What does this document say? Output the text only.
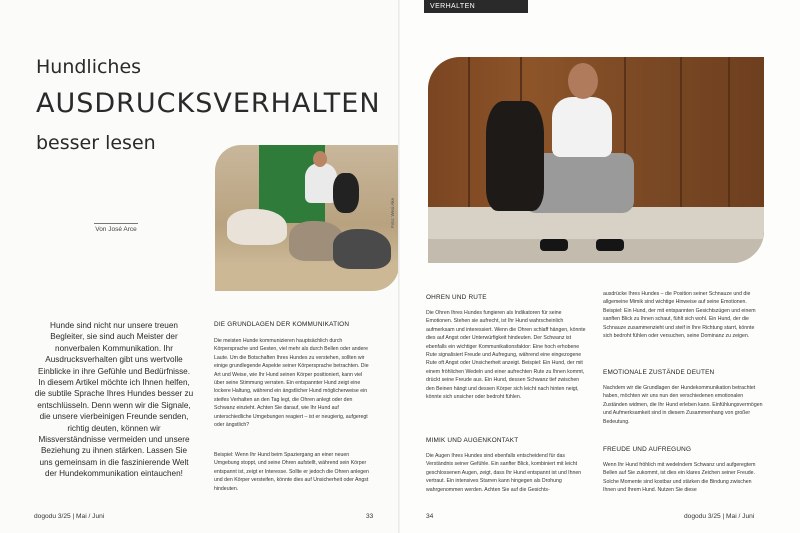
Hundliches
AUSDRUCKSVERHALTEN
besser lesen
Von José Arce
Foto: Wesi Ake
Hunde sind nicht nur unsere treuen Begleiter, sie sind auch Meister der nonverbalen Kommunikation. Ihr Ausdrucksverhalten gibt uns wertvolle Einblicke in ihre Gefühle und Bedürfnisse. In diesem Artikel möchte ich Ihnen helfen, die subtile Sprache Ihres Hundes besser zu entschlüsseln. Denn wenn wir die Signale, die unsere vierbeinigen Freunde senden, richtig deuten, können wir Missverständnisse vermeiden und unsere Beziehung zu ihnen stärken. Lassen Sie uns gemeinsam in die faszinierende Welt der Hundekommunikation eintauchen!
DIE GRUNDLAGEN DER KOMMUNIKATION
Die meisten Hunde kommunizieren hauptsächlich durch Körpersprache und Gesten, viel mehr als durch Bellen oder andere Laute. Um die Botschaften Ihres Hundes zu verstehen, sollten wir einige grundlegende Aspekte seiner Körpersprache betrachten. Die Art und Weise, wie Ihr Hund seinen Körper positioniert, kann viel über seine Stimmung verraten. Ein entspannter Hund zeigt eine lockere Haltung, während ein ängstlicher Hund möglicherweise ein steifes Verhalten an den Tag legt, die Ohren anlegt oder den Schwanz einzieht. Achten Sie darauf, wie Ihr Hund auf unterschiedliche Umgebungen reagiert – ist er neugierig, aufgeregt oder ängstlich?
Beispiel: Wenn Ihr Hund beim Spaziergang an einer neuen Umgebung stoppt, und seine Ohren aufstellt, während sein Körper entspannt ist, zeigt er Interesse. Sollte er jedoch die Ohren anlegen und den Körper versteifen, könnte dies auf Unsicherheit oder Angst hindeuten.
dogodu 3/25 | Mai / Juni	33
VERHALTEN
OHREN UND RUTE
Die Ohren Ihres Hundes fungieren als Indikatoren für seine Emotionen. Stehen sie aufrecht, ist Ihr Hund wahrscheinlich aufmerksam und interessiert. Wenn die Ohren schlaff hängen, könnte dies auf Angst oder Unterwürfigkeit hindeuten. Der Schwanz ist ebenfalls ein wichtiger Kommunikationsfaktor: Eine hoch erhobene Rute signalisiert Freude und Aufregung, während eine eingezogene Rute oft Angst oder Unsicherheit anzeigt. Beispiel: Ein Hund, der mit einem fröhlichen Wedeln und einer aufrechten Rute zu Ihnen kommt, drückt seine Freude aus. Ein Hund, dessen Schwanz tief zwischen den Beinen hängt und dessen Körper sich leicht nach hinten neigt, könnte sich unsicher oder bedroht fühlen.
MIMIK UND AUGENKONTAKT
Die Augen Ihres Hundes sind ebenfalls entscheidend für das Verständnis seiner Gefühle. Ein sanfter Blick, kombiniert mit leicht geschlossenen Augen, zeigt, dass Ihr Hund entspannt ist und Ihnen vertraut. Ein intensives Starren kann hingegen als Drohung wahrgenommen werden. Achten Sie auf die Gesichts-
ausdrücke Ihres Hundes – die Position seiner Schnauze und die allgemeine Mimik sind wichtige Hinweise auf seine Emotionen. Beispiel: Ein Hund, der mit entspannten Gesichtszügen und einem sanften Blick zu Ihnen schaut, fühlt sich wohl. Ein Hund, der die Schnauze zusammenzieht und steif in Ihre Richtung starrt, könnte sich bedroht fühlen oder versuchen, seine Dominanz zu zeigen.
EMOTIONALE ZUSTÄNDE DEUTEN
Nachdem wir die Grundlagen der Hundekommunikation betrachtet haben, möchten wir uns nun den verschiedenen emotionalen Zuständen widmen, die Ihr Hund erleben kann. Einfühlungsvermögen und Aufmerksamkeit sind in diesem Zusammenhang von großer Bedeutung.
FREUDE UND AUFREGUNG
Wenn Ihr Hund fröhlich mit wedelndem Schwanz und aufgeregtem Bellen auf Sie zukommt, ist dies ein klares Zeichen seiner Freude. Solche Momente sind kostbar und stärken die Bindung zwischen Ihnen und Ihrem Hund. Nutzen Sie diese
34	dogodu 3/25 | Mai / Juni
